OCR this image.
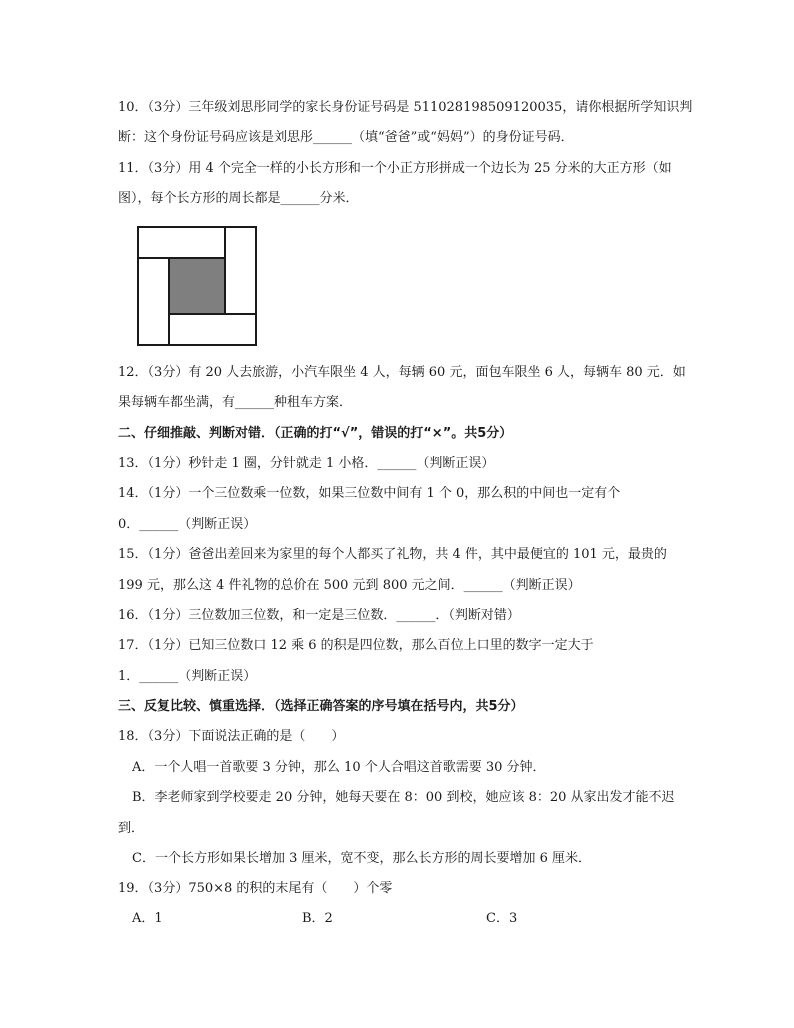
10．（3分）三年级刘思彤同学的家长身份证号码是 511028198509120035，请你根据所学知识判
断：这个身份证号码应该是刘思彤______（填“爸爸”或“妈妈”）的身份证号码．
11．（3分）用 4 个完全一样的小长方形和一个小正方形拼成一个边长为 25 分米的大正方形（如
图），每个长方形的周长都是______分米．
12．（3分）有 20 人去旅游，小汽车限坐 4 人，每辆 60 元，面包车限坐 6 人，每辆车 80 元．如
果每辆车都坐满，有______种租车方案．
二、仔细推敲、判断对错．（正确的打“√”，错误的打“×”。共5分）
13．（1分）秒针走 1 圈，分针就走 1 小格．______（判断正误）
14．（1分）一个三位数乘一位数，如果三位数中间有 1 个 0，那么积的中间也一定有个
0．______（判断正误）
15．（1分）爸爸出差回来为家里的每个人都买了礼物，共 4 件，其中最便宜的 101 元，最贵的
199 元，那么这 4 件礼物的总价在 500 元到 800 元之间．______（判断正误）
16．（1分）三位数加三位数，和一定是三位数．______．（判断对错）
17．（1分）已知三位数口 12 乘 6 的积是四位数，那么百位上口里的数字一定大于
1．______（判断正误）
三、反复比较、慎重选择．（选择正确答案的序号填在括号内，共5分）
18．（3分）下面说法正确的是（　　）
A．一个人唱一首歌要 3 分钟，那么 10 个人合唱这首歌需要 30 分钟．
B．李老师家到学校要走 20 分钟，她每天要在 8：00 到校，她应该 8：20 从家出发才能不迟
到．
C．一个长方形如果长增加 3 厘米，宽不变，那么长方形的周长要增加 6 厘米．
19．（3分）750×8 的积的末尾有（　　）个零
A．1	B．2	C．3
